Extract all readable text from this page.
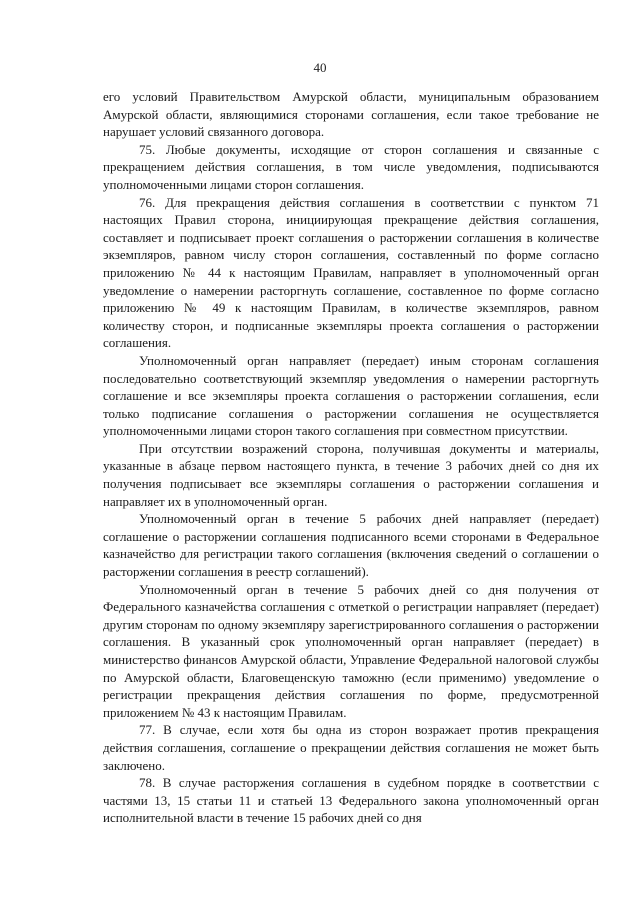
40

его условий Правительством Амурской области, муниципальным образованием Амурской области, являющимися сторонами соглашения, если такое требование не нарушает условий связанного договора.

75. Любые документы, исходящие от сторон соглашения и связанные с прекращением действия соглашения, в том числе уведомления, подписываются уполномоченными лицами сторон соглашения.

76. Для прекращения действия соглашения в соответствии с пунктом 71 настоящих Правил сторона, инициирующая прекращение действия соглашения, составляет и подписывает проект соглашения о расторжении соглашения в количестве экземпляров, равном числу сторон соглашения, составленный по форме согласно приложению № 44 к настоящим Правилам, направляет в уполномоченный орган уведомление о намерении расторгнуть соглашение, составленное по форме согласно приложению № 49 к настоящим Правилам, в количестве экземпляров, равном количеству сторон, и подписанные экземпляры проекта соглашения о расторжении соглашения.

Уполномоченный орган направляет (передает) иным сторонам соглашения последовательно соответствующий экземпляр уведомления о намерении расторгнуть соглашение и все экземпляры проекта соглашения о расторжении соглашения, если только подписание соглашения о расторжении соглашения не осуществляется уполномоченными лицами сторон такого соглашения при совместном присутствии.

При отсутствии возражений сторона, получившая документы и материалы, указанные в абзаце первом настоящего пункта, в течение 3 рабочих дней со дня их получения подписывает все экземпляры соглашения о расторжении соглашения и направляет их в уполномоченный орган.

Уполномоченный орган в течение 5 рабочих дней направляет (передает) соглашение о расторжении соглашения подписанного всеми сторонами в Федеральное казначейство для регистрации такого соглашения (включения сведений о соглашении о расторжении соглашения в реестр соглашений).

Уполномоченный орган в течение 5 рабочих дней со дня получения от Федерального казначейства соглашения с отметкой о регистрации направляет (передает) другим сторонам по одному экземпляру зарегистрированного соглашения о расторжении соглашения. В указанный срок уполномоченный орган направляет (передает) в министерство финансов Амурской области, Управление Федеральной налоговой службы по Амурской области, Благовещенскую таможню (если применимо) уведомление о регистрации прекращения действия соглашения по форме, предусмотренной приложением № 43 к настоящим Правилам.

77. В случае, если хотя бы одна из сторон возражает против прекращения действия соглашения, соглашение о прекращении действия соглашения не может быть заключено.

78. В случае расторжения соглашения в судебном порядке в соответствии с частями 13, 15 статьи 11 и статьей 13 Федерального закона уполномоченный орган исполнительной власти в течение 15 рабочих дней со дня
